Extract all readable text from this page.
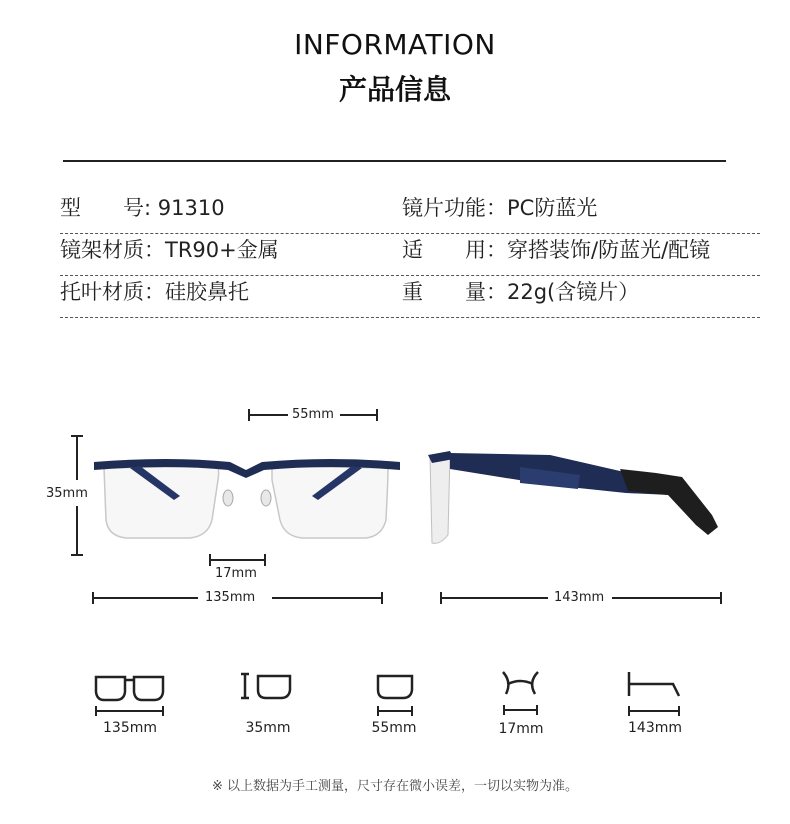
INFORMATION
产品信息
型　　号: 91310	镜片功能：PC防蓝光
镜架材质：TR90+金属	适　　用：穿搭装饰/防蓝光/配镜
托叶材质：硅胶鼻托	重　　量：22g(含镜片）
55mm
35mm
17mm
135mm	143mm
135mm	35mm	55mm	17mm	143mm
※ 以上数据为手工测量，尺寸存在微小误差，一切以实物为准。
